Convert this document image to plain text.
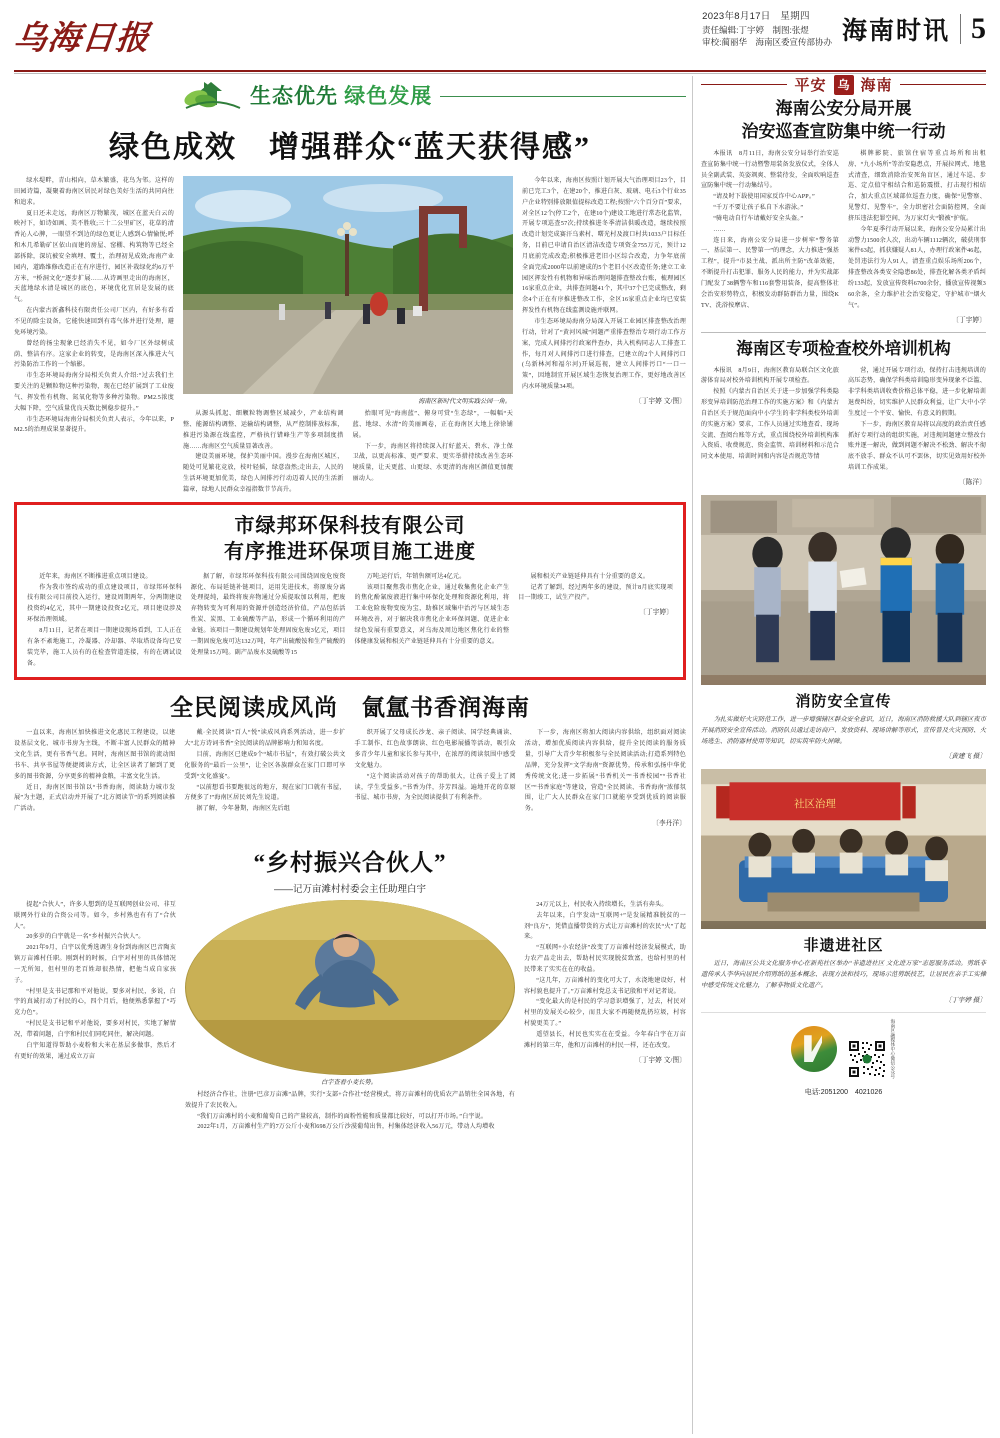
乌海日报
2023年8月17日　星期四
责任编辑:丁宇婷　制图:张煜
审校:蔺丽华　海南区委宣传部协办 海南时讯 5
生态优先 绿色发展
绿色成效　增强群众“蓝天获得感”

绿水堤畔，青山相向，草木繁盛，花鸟为邻。这样的田园诗篇，凝聚着海南区居民对绿色美好生活的共同向往和追求。

夏日还未走远，海南区万物繁茂，城区在蓝天白云的映衬下，如诗如画、美不胜收;三十二公里矿区，花草的清香沁人心脾，一眼望不到边的绿色更让人感到心情愉悦;呼和木几希勒矿区依山而建的房屋、窑棚、构筑物等已经全部拆除，深坑被安全填埋、覆土，治理初见成效;海南产业园内，道路维修改造正在有序进行，园区补栽绿化约6万平方米，“桥洞文化”逐步扩展……从诗画里走出的海南区，天蓝地绿水清是城区的底色，环境优化宜居是发展的底气。

在内蒙古新鑫科技有限责任公司厂区内，有好多有看不见的除尘设备，它能快速回到有毒气体并进行处理，避免环境污染。

曾经的扬尘现象已经消失不见，如今厂区外绿树成荫、整洁有序。这家企业的转变，是海南区深入推进大气污染防治工作的一个缩影。

市生态环境局海南分局相关负责人介绍:“过去我们主要关注的是颗粒物这种污染物，现在已经扩展到了工业废气、挥发性有机物、氮氧化物等多种污染物。PM2.5浓度大幅下降，空气质量优良天数比例稳步提升。”

市生态环境局海南分局相关负责人表示，今年以来，PM2.5的治理成果显著提升。

海南区新时代文明实践公园一角。

从源头抓起、细颗粒物调整区域减少，产业结构调整、能源结构调整、运输结构调整，从严控制排放标准，推进污染源在线监控，严格执行错峰生产等多项制度措施……海南区空气质量显著改善。

建设美丽环境，保护美丽中国。漫步在海南区城区，随处可见繁花竞放，枝叶轻摇，绿意盎然;走出去，人民的生活环境更加优美，绿色人间排污行动迈着人民的生活新篇章，绿地人民群众幸福指数节节高升。

抬眼可见“海南蓝”、俯身可赏“生态绿”，一幅幅“天蓝、地绿、水清”的美丽画卷，正在海南区大地上徐徐铺展。

下一步，海南区将持续深入打好蓝天、碧水、净土保卫战，以更高标准、更严要求、更实举措持续改善生态环境质量，让天更蓝、山更绿、水更清的海南区颜值更加靓丽动人。

今年以来，海南区按照计划开展大气治理项目23个，目前已完工3个，在建20个，推进白灰、玻璃、电石3个行业35户企业特别排放限值提标改造工程;按照“六个百分百”要求，对全区12个(停工2个，在建10个)建设工地进行常态化监管，开展专项巡查57次;持续推进冬季清洁供暖改造，继续按照改造计划完成赛汗乌素村、曙光村及渡口村共1033户目标任务，目前已申请自治区清洁改造专项资金755万元，预计12月底前完成改造;积极推进老旧小区综合改造，力争年底前全面完成2000年以前建成的5个老旧小区改造任务;建立工业园区挥发性有机物和异味治理问题排查整改台账，梳理园区16家重点企业，共排查问题41个，其中37个已完成整改，剩余4个正在有序推进整改工作，全区16家重点企业均已安装挥发性有机物在线监测设施并联网。

市生态环境局海南分局深入开展工业园区排查整改治理行动，针对了“黄河风城”问题严重排查整治专项行动工作方案，完成人间排污行政案件查办，共入机构同志人工排查工作，每月对人间排污口进行排查，已建立的2个人间排污口(乌新林河和福尔河)开展巡视，建立人间排污口“一口一策”，因地制宜开展区域生态恢复治理工作，更好地改善区内水环境质量34项。

〔丁宇婷 文/图〕
市绿邦环保科技有限公司
有序推进环保项目施工进度

近年来，海南区不断推进重点项目建设。

作为我市签约成功的重点建设项目，市绿邦环保科技有限公司目前投入运行，建设周期两年，分两期建设投资约4亿元，其中一期建设投资2亿元，项目建设涉及环保治理领域。

8月11日，记者在项目一期建设现场看到，工人正在有条不紊地施工，冷凝器、冷却器、萃取塔设备均已安装完毕，施工人员有的在检查管道连接，有的在调试设备。

据了解，市绿邦环保科技有限公司围绕固废危废资源化、布局延链补链项目，运用先进技术，将原废分离处理提纯，最终将废弃物通过分质提取加以利用，把废弃物转变为可利用的资源并创造经济价值，产品包括活性炭、炭黑、工业硫酸等产品，形成一个循环利用的产业链。该项目一期建设规划年处理固废危废3亿元，项目一期固废危废可达132万吨，年产出硫酸铵和生产硫酸的处理量15万吨。副产品废水及硫酸等15

万吨;运行后，年销售额可达4亿元。

该项目聚焦我市焦化企业，通过收集焦化企业产生的焦化酚氰废液进行集中环保化处理和资源化利用，将工业危险废物变废为宝，助推区域集中治污与区域生态环境改善，对于解决我市焦化企业环保问题、促进企业绿色发展有重要意义，对乌海及周边地区焦化行业的整体健康发展和相关产业链延伸具有十分重要的意义。

展和相关产业链延伸具有十分重要的意义。

记者了解到，经过两年多的建设，预计8月底实现项目一期竣工，试生产投产。

〔丁宇婷〕
全民阅读成风尚　氤氲书香润海南

一直以来，海南区加快推进文化惠民工程建设，以建设基层文化、城市书房为主线，不断丰富人民群众的精神文化生活，更有书香气息。同时，海南区图书馆的流动图书车、共享书屋等便捷阅读方式，让全区读者了解到了更多的图书资源，分享更多的精神食粮，丰富文化生活。

近日，海南区图书馆以“书香海南，阅读助力城市发展”为主题，正式启动并开展了“北方阅读节”的系列阅读推广活动。

戴·全民阅读”百人“悦”读成风尚系列活动，进一步扩大“北方诗词书香”全民阅读的品牌影响力和知名度。

目前，海南区已建成9个“城市书屋”，有效打破公共文化服务的“最后一公里”，让全区各族群众在家门口即可享受到“文化盛宴”。

“以前想看书要跑很远的地方，现在家门口就有书屋，方便多了!”海南区居民刘先生说道。

据了解，今年暑期，海南区先后组

织开展了父母成长沙龙、亲子阅读、国学经典诵读、手工制作、红色故事朗读、红色电影展播等活动，吸引众多青少年儿童和家长参与其中，在浓厚的阅读氛围中感受文化魅力。

“这个阅读活动对孩子的帮助很大，让孩子爱上了阅读，学生受益多。”书香为伴，芬芳四溢。遍地开花的草原书屋、城市书房，为全民阅读提供了有利条件。

下一步，海南区将加大阅读内容供给，组织面对阅读活动，增加优质阅读内容供给，提升全民阅读的服务质量，引导广大青少年积极参与全民阅读活动;打造系列特色品牌，充分发挥“文学海南”资源优势，传承和弘扬中华优秀传统文化;进一步拓展“书香机关”“书香校园”“书香社区”“书香家庭”等建设，营造“全民阅读、书香海南”浓郁氛围，让广大人民群众在家门口就能享受到优质的阅读服务。

〔李丹洋〕
“乡村振兴合伙人”
——记万亩滩村村委会主任助理白宇

提起“合伙人”，许多人想到的是互联网创业公司、非互联网外行业的合资公司等。如今，乡村熟也有有了“合伙人”。

20多岁的白宇就是一名“乡村振兴合伙人”。

2021年9月，白宇以优秀选调生身份到海南区巴音陶亥镇万亩滩村任职。刚到村的时候，白宇对村里的具体情况一无所知，但村里的老百姓却很热情，把他当成自家孩子。

“村里是支书记那和平对他说，要多对村民，多说，白宇的真诚打动了村民的心，四个月后，他便熟悉掌握了“巧克力色”。

“村民是支书记和平对他说，要多对村民，实地了解情况，带着问题，白宇和村民们同吃同住，解决问题。

白宇知道得帮助小麦粉和大米在基层多做事，然后才有更好的效果，通过成立万亩

白宇查看小麦长势。

村经济合作社，注册“巴彦万亩滩”品牌，实行“支部+合作社”经营模式，将万亩滩村的优质农产品销往全国各地，有效提升了农民收入。

“我们万亩滩村的小麦和葡萄自己的产量较高，制作的面粉性能和质量都比较好，可以打开市场。”白宇说。

2022年1月，万亩滩村生产的7万公斤小麦和698万公斤沙漠葡萄出售，村集体经济收入56万元，带动人均增收

24万元以上，村民收入持续增长，生活有奔头。

去年以来，白宇发动“互联网+”是发展精准脱贫的一剂“良方”，凭借直播带货的方式让万亩滩村的农民“火”了起来。

“互联网+小农经济”改变了万亩滩村经济发展模式，助力农产品走出去，帮助村民实现脱贫致富，也给村里的村民带来了实实在在的收益。

“这几年，万亩滩村的变化可大了，水浇地建设好，村容村貌也提升了。”万亩滩村党总支书记殷和平对记者说。

“变化最大的是村民的学习意识增强了，过去，村民对村里的发展关心较少，而且大家不再随便乱扔垃圾，村容村貌更美了。”

遥望县长，村民也实实在在受益。今年春白宇在万亩滩村的第三年，他和万亩滩村的村民一样，还在改变。

〔丁宇婷 文/图〕
平安 乌 海南
海南公安分局开展
治安巡查宣防集中统一行动

本报讯　8月11日，海南公安分局举行治安巡查宣防集中统一行动暨警用装备发放仪式，全体人员全副武装、英姿飒爽、整装待发，全面吹响巡查宣防集中统一行动集结号。

“请及时下载使用国家反诈中心APP。”

“千万不要让孩子私自下水游泳。”

“骑电动自行车请戴好安全头盔。”

……

连日来，海南公安分局进一步树牢“警务第一、基层第一、民警第一”的理念，大力推进“强基工程”，提升“市县主战、派出所主防”改革效能，不断提升打击犯罪、服务人民的能力，并为实战部门配发了38辆警车和116套警用装备，提高整体社会治安形势特点，积极发动群防群治力量，围绕KTV、洗浴按摩店、

棋牌影院、旅馆住宿等重点场所和出租房、“九小场所”等治安隐患点，开展拉网式、地毯式清查，细致消除治安死角盲区，通过车巡、步巡、定点值守相结合和巡防震慑、打击现行相结合，加大重点区域部位巡查力度，确保“见警察、见警灯、见警车”，全力织密社会面防控网，全面挤压违法犯罪空间，为万家灯火“锻被”护航。

今年夏季行动开展以来，海南公安分局累计出动警力1500余人次，出动车辆1112辆次，破获刑事案件63起，抓获嫌疑人81人，办理行政案件46起，处罚违法行为人91人，清查重点娱乐场所206个，排查整改各类安全隐患86处，排查化解各类矛盾纠纷133起，发放宣传资料6700余份，播放宣传视频360余条，全力维护社会治安稳定，守护城市“烟火气”。

〔丁宇婷〕
海南区专项检查校外培训机构

本报讯　8月9日，海南区教育局联合区文化旅游体育局对校外培训机构开展专项检查。

按照《内蒙古自治区关于进一步加强学科类隐形变异培训防范治理工作的实施方案》和《内蒙古自治区关于规范面向中小学生的非学科类校外培训的实施方案》要求，工作人员通过实地查看、现场交流、查阅台账等方式，重点围绕校外培训机构准入资质、收费规范、资金监管、培训材料和示范合同文本使用、培训时间和内容是否规范等情

营，通过开展专项行动，保持打击违规培训的高压态势，确保学科类培训隐形变异现象不泛滥、非学科类培训收费价格总体平稳，进一步化解培训退费纠纷，切实维护人民群众利益，让广大中小学生度过一个平安、愉快、有意义的假期。

下一步，海南区教育局将以高度的政治责任感抓好专项行动的组织实施，对违规问题建立整改台账并逐一解决，做到问题不解决不松劲、解决不彻底不放手、群众不认可不罢休，切实见效用好校外培训工作成果。

〔陈洋〕
消防安全宣传

为扎实做好火灾防范工作，进一步增强辖区群众安全意识，近日，海南区消防救援大队到辖区夜市开展消防安全宣传活动。消防队员通过走访商户、发放资料、现场讲解等形式，宣传普及火灾预防、火场逃生、消防器材使用等知识，切实筑牢防火屏障。

〔黄建飞 摄〕
社区治理
非遗进社区

近日，海南区公共文化服务中心在新苑社区举办“非遗进社区 文化进万家”志愿服务活动。剪纸非遗传承人李华向居民介绍剪纸的基本概念、表现方法和技巧，现场示范剪纸技艺，让居民在亲手工实操中感受传统文化魅力，了解非物质文化遗产。

〔丁宇婷 摄〕
海南区融媒体中心微信公众号
电话:2051200　4021026
